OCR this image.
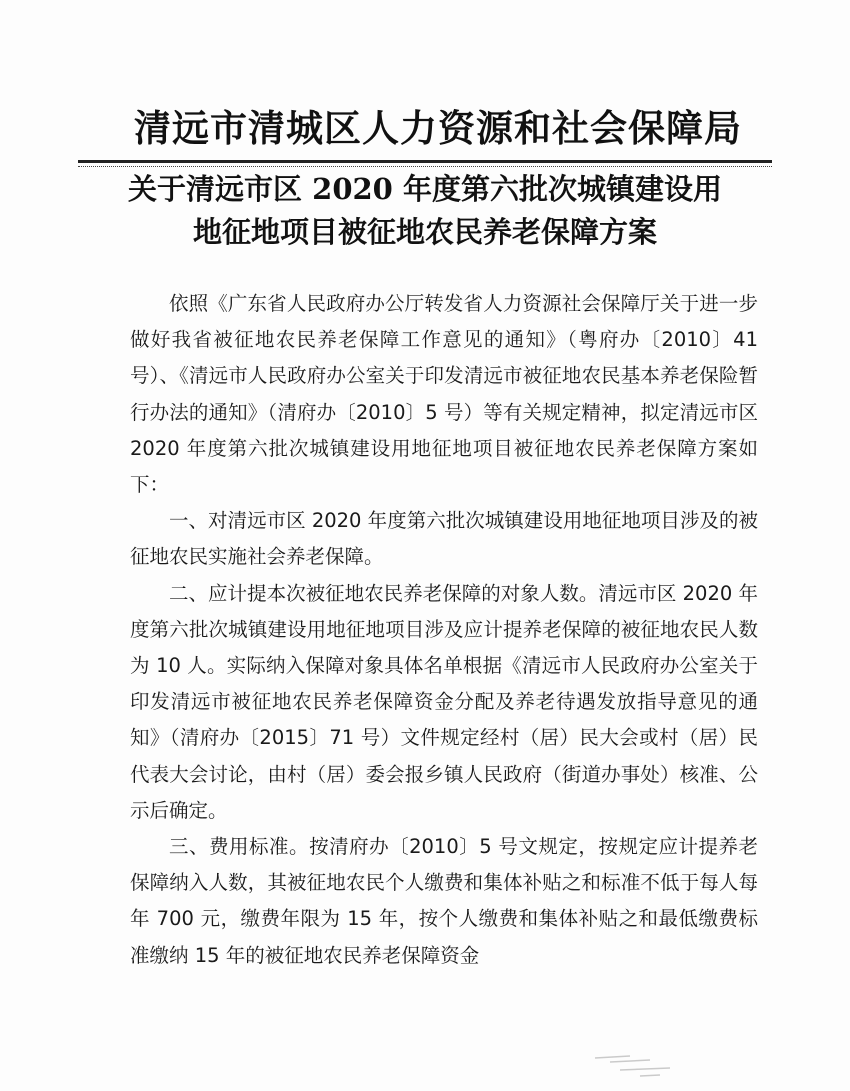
清远市清城区人力资源和社会保障局
关于清远市区 2020 年度第六批次城镇建设用
地征地项目被征地农民养老保障方案

依照《广东省人民政府办公厅转发省人力资源社会保障厅关于进一步做好我省被征地农民养老保障工作意见的通知》（粤府办〔2010〕41 号）、《清远市人民政府办公室关于印发清远市被征地农民基本养老保险暂行办法的通知》（清府办〔2010〕5 号）等有关规定精神，拟定清远市区 2020 年度第六批次城镇建设用地征地项目被征地农民养老保障方案如下：

一、对清远市区 2020 年度第六批次城镇建设用地征地项目涉及的被征地农民实施社会养老保障。

二、应计提本次被征地农民养老保障的对象人数。清远市区 2020 年度第六批次城镇建设用地征地项目涉及应计提养老保障的被征地农民人数为 10 人。实际纳入保障对象具体名单根据《清远市人民政府办公室关于印发清远市被征地农民养老保障资金分配及养老待遇发放指导意见的通知》（清府办〔2015〕71 号）文件规定经村（居）民大会或村（居）民代表大会讨论，由村（居）委会报乡镇人民政府（街道办事处）核准、公示后确定。

三、费用标准。按清府办〔2010〕5 号文规定，按规定应计提养老保障纳入人数，其被征地农民个人缴费和集体补贴之和标准不低于每人每年 700 元，缴费年限为 15 年，按个人缴费和集体补贴之和最低缴费标准缴纳 15 年的被征地农民养老保障资金
